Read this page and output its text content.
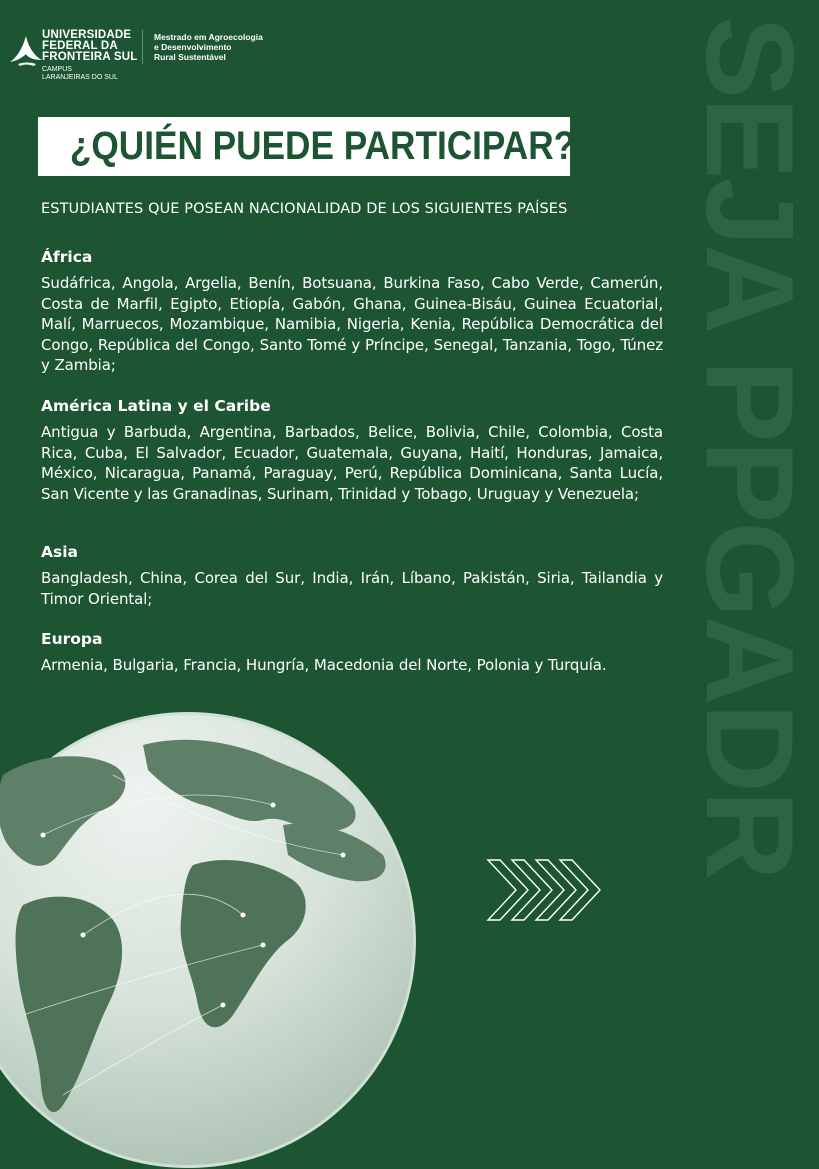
UNIVERSIDADE
FEDERAL DA
FRONTEIRA SUL
CAMPUS
LARANJEIRAS DO SUL
Mestrado em Agroecologia
e Desenvolvimento
Rural Sustentável
¿QUIÉN PUEDE PARTICIPAR?
ESTUDIANTES QUE POSEAN NACIONALIDAD DE LOS SIGUIENTES PAÍSES
África

Sudáfrica, Angola, Argelia, Benín, Botsuana, Burkina Faso, Cabo Verde, Camerún, Costa de Marfil, Egipto, Etiopía, Gabón, Ghana, Guinea-Bisáu, Guinea Ecuatorial, Malí, Marruecos, Mozambique, Namibia, Nigeria, Kenia, República Democrática del Congo, República del Congo, Santo Tomé y Príncipe, Senegal, Tanzania, Togo, Túnez y Zambia;

América Latina y el Caribe

Antigua y Barbuda, Argentina, Barbados, Belice, Bolivia, Chile, Colombia, Costa Rica, Cuba, El Salvador, Ecuador, Guatemala, Guyana, Haití, Honduras, Jamaica, México, Nicaragua, Panamá, Paraguay, Perú, República Dominicana, Santa Lucía, San Vicente y las Granadinas, Surinam, Trinidad y Tobago, Uruguay y Venezuela;

Asia

Bangladesh, China, Corea del Sur, India, Irán, Líbano, Pakistán, Siria, Tailandia y Timor Oriental;

Europa

Armenia, Bulgaria, Francia, Hungría, Macedonia del Norte, Polonia y Turquía. SEJA PPGADR
